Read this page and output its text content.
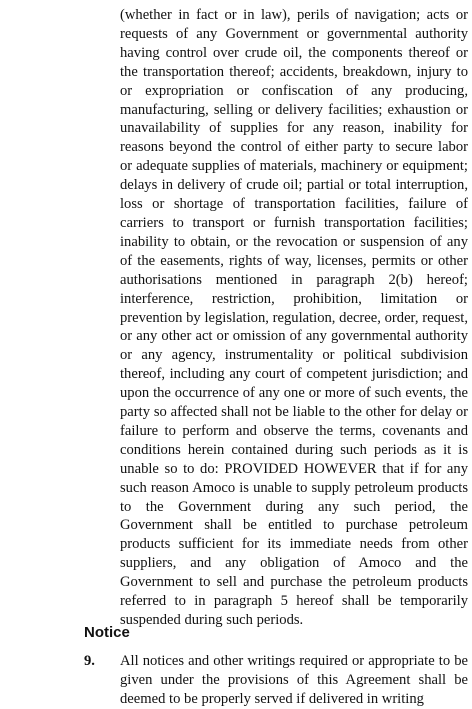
(whether in fact or in law), perils of navigation; acts or requests of any Government or governmental authority having control over crude oil, the components thereof or the transportation thereof; accidents, breakdown, injury to or expropriation or confiscation of any producing, manufacturing, selling or delivery facilities; exhaustion or unavailability of supplies for any reason, inability for reasons beyond the control of either party to secure labor or adequate supplies of materials, machinery or equipment; delays in delivery of crude oil; partial or total interruption, loss or shortage of transportation facilities, failure of carriers to transport or furnish transportation facilities; inability to obtain, or the revocation or suspension of any of the easements, rights of way, licenses, permits or other authorisations mentioned in paragraph 2(b) hereof; interference, restriction, prohibition, limitation or prevention by legislation, regulation, decree, order, request, or any other act or omission of any governmental authority or any agency, instrumentality or political subdivision thereof, including any court of competent jurisdiction; and upon the occurrence of any one or more of such events, the party so affected shall not be liable to the other for delay or failure to perform and observe the terms, covenants and conditions herein contained during such periods as it is unable so to do: PROVIDED HOWEVER that if for any such reason Amoco is unable to supply petroleum products to the Government during any such period, the Government shall be entitled to purchase petroleum products sufficient for its immediate needs from other suppliers, and any obligation of Amoco and the Government to sell and purchase the petroleum products referred to in paragraph 5 hereof shall be temporarily suspended during such periods.

Notice

9. All notices and other writings required or appropriate to be given under the provisions of this Agreement shall be deemed to be properly served if delivered in writing
